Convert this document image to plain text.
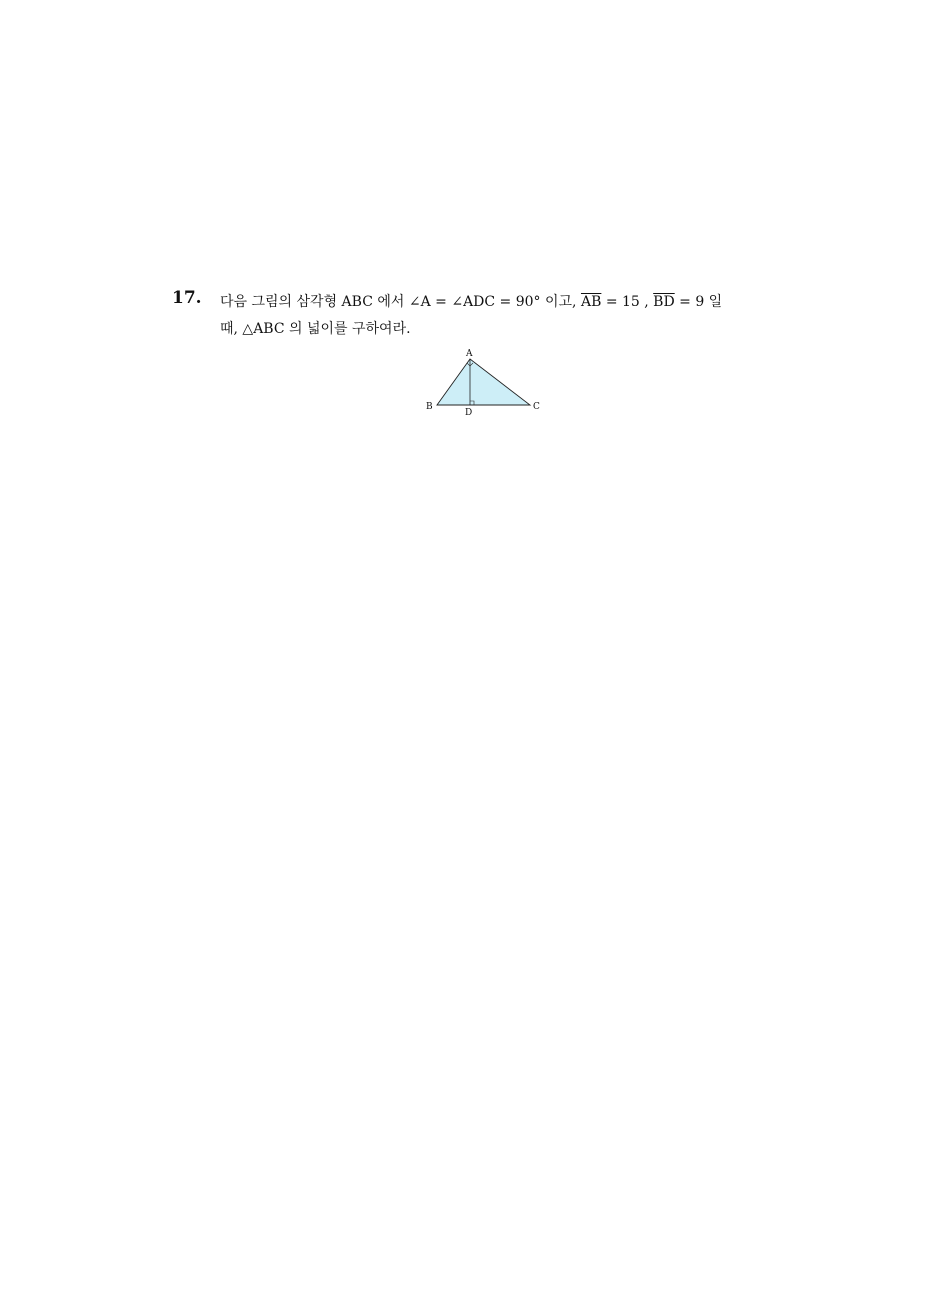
17. 다음 그림의 삼각형 ABC 에서 ∠A = ∠ADC = 90° 이고, $\overline{AB} = 15$ , $\overline{BD} = 9$ 일
때, △ABC 의 넓이를 구하여라.
A
B	C
D
